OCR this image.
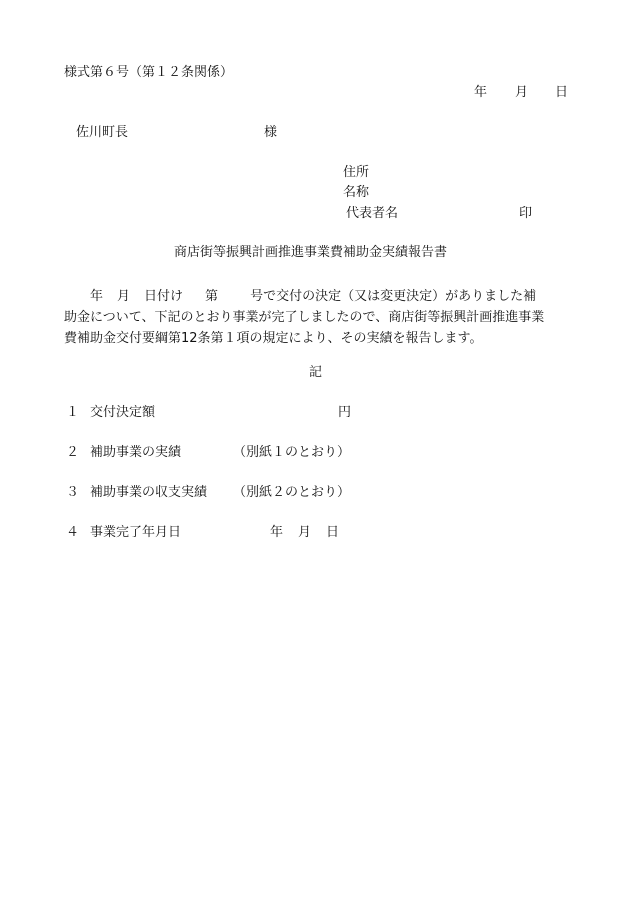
様式第６号（第１２条関係）
年 月 日
佐川町長	様
住所
名称
代表者名	印
商店街等振興計画推進事業費補助金実績報告書
年 月 日付け 第 号で交付の決定（又は変更決定）がありました補
助金について、下記のとおり事業が完了しましたので、商店街等振興計画推進事業
費補助金交付要綱第12条第１項の規定により、その実績を報告します。
記
１ 交付決定額	円
２ 補助事業の実績	（別紙１のとおり）
３ 補助事業の収支実績 （別紙２のとおり）
４ 事業完了年月日	年 月 日
